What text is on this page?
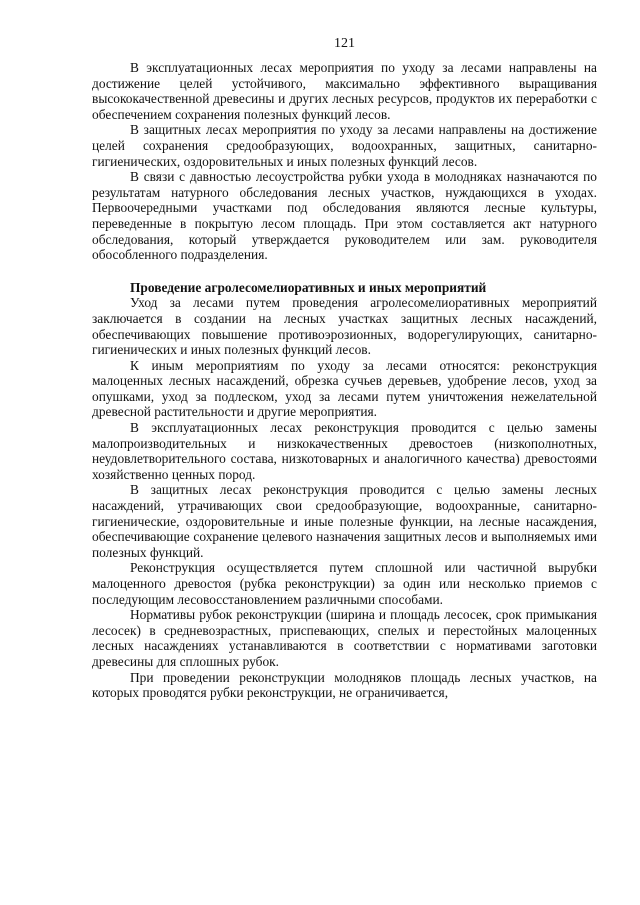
121

В эксплуатационных лесах мероприятия по уходу за лесами направлены на достижение целей устойчивого, максимально эффективного выращивания высококачественной древесины и других лесных ресурсов, продуктов их переработки с обеспечением сохранения полезных функций лесов.

В защитных лесах мероприятия по уходу за лесами направлены на достижение целей сохранения средообразующих, водоохранных, защитных, санитарно-гигиенических, оздоровительных и иных полезных функций лесов.

В связи с давностью лесоустройства рубки ухода в молодняках назначаются по результатам натурного обследования лесных участков, нуждающихся в уходах. Первоочередными участками под обследования являются лесные культуры, переведенные в покрытую лесом площадь. При этом составляется акт натурного обследования, который утверждается руководителем или зам. руководителя обособленного подразделения.

Проведение агролесомелиоративных и иных мероприятий

Уход за лесами путем проведения агролесомелиоративных мероприятий заключается в создании на лесных участках защитных лесных насаждений, обеспечивающих повышение противоэрозионных, водорегулирующих, санитарно-гигиенических и иных полезных функций лесов.

К иным мероприятиям по уходу за лесами относятся: реконструкция малоценных лесных насаждений, обрезка сучьев деревьев, удобрение лесов, уход за опушками, уход за подлеском, уход за лесами путем уничтожения нежелательной древесной растительности и другие мероприятия.

В эксплуатационных лесах реконструкция проводится с целью замены малопроизводительных и низкокачественных древостоев (низкополнотных, неудовлетворительного состава, низкотоварных и аналогичного качества) древостоями хозяйственно ценных пород.

В защитных лесах реконструкция проводится с целью замены лесных насаждений, утрачивающих свои средообразующие, водоохранные, санитарно-гигиенические, оздоровительные и иные полезные функции, на лесные насаждения, обеспечивающие сохранение целевого назначения защитных лесов и выполняемых ими полезных функций.

Реконструкция осуществляется путем сплошной или частичной вырубки малоценного древостоя (рубка реконструкции) за один или несколько приемов с последующим лесовосстановлением различными способами.

Нормативы рубок реконструкции (ширина и площадь лесосек, срок примыкания лесосек) в средневозрастных, приспевающих, спелых и перестойных малоценных лесных насаждениях устанавливаются в соответствии с нормативами заготовки древесины для сплошных рубок.

При проведении реконструкции молодняков площадь лесных участков, на которых проводятся рубки реконструкции, не ограничивается,
